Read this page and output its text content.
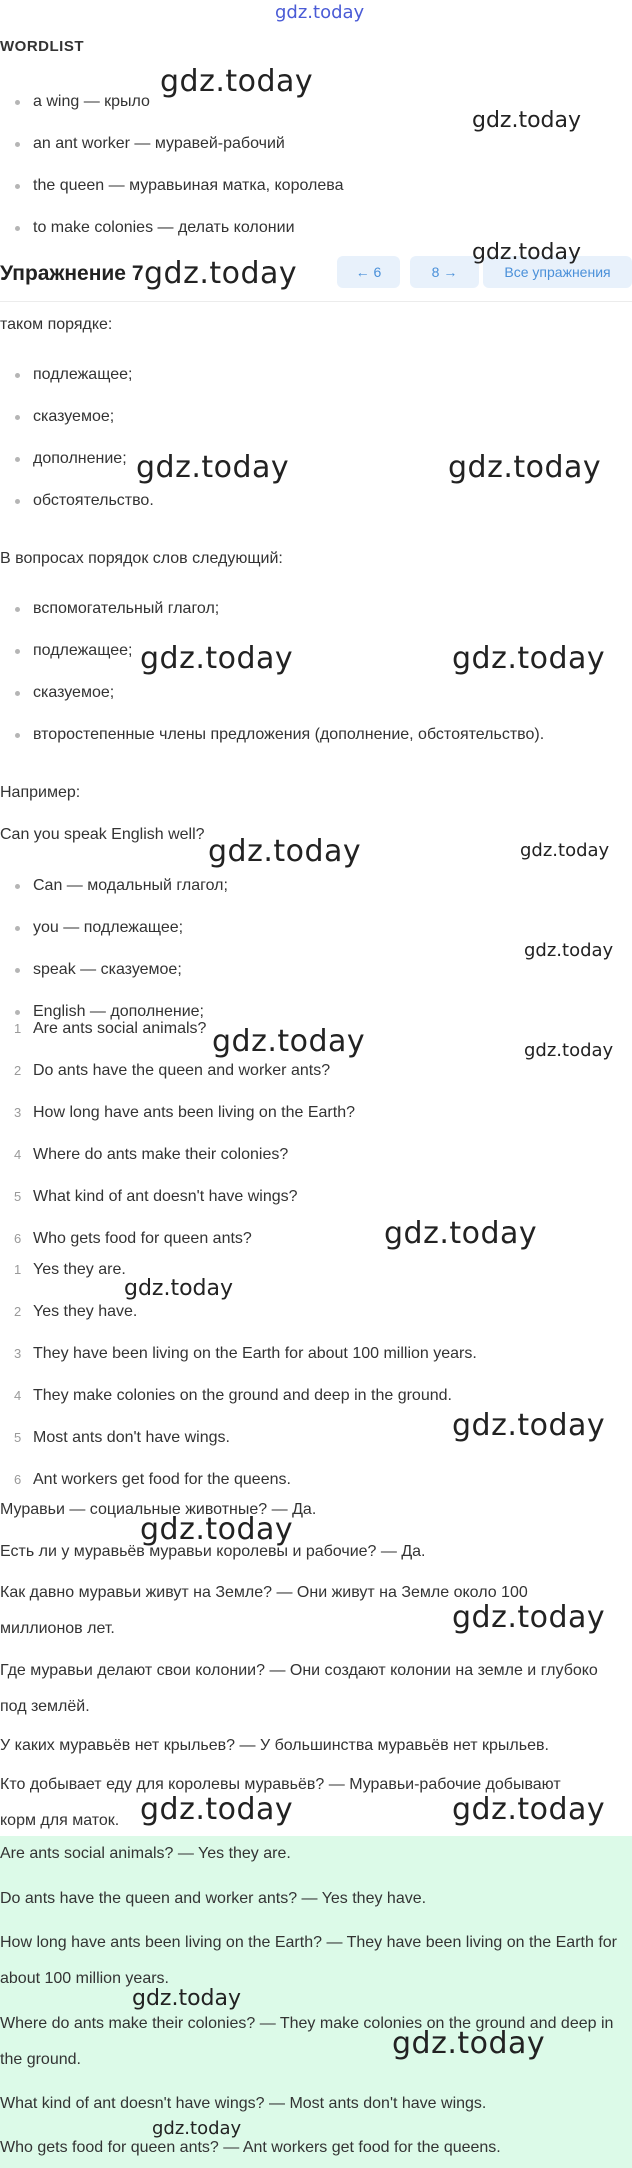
gdz.today
WORDLIST
a wing — крыло
an ant worker — муравей-рабочий
the queen — муравьиная матка, королева
to make colonies — делать колонии
Упражнение 7	← 6	8 →	Все упражнения
таком порядке:
подлежащее;
сказуемое;
дополнение;
обстоятельство.
В вопросах порядок слов следующий:
вспомогательный глагол;
подлежащее;
сказуемое;
второстепенные члены предложения (дополнение, обстоятельство).
Например:
Can you speak English well?
Can — модальный глагол;
you — подлежащее;
speak — сказуемое;
English — дополнение;
1 Are ants social animals?
2 Do ants have the queen and worker ants?
3 How long have ants been living on the Earth?
4 Where do ants make their colonies?
5 What kind of ant doesn't have wings?
6 Who gets food for queen ants?
1 Yes they are.
2 Yes they have.
3 They have been living on the Earth for about 100 million years.
4 They make colonies on the ground and deep in the ground.
5 Most ants don't have wings.
6 Ant workers get food for the queens.
Муравьи — социальные животные? — Да.
Есть ли у муравьёв муравьи королевы и рабочие? — Да.
Как давно муравьи живут на Земле? — Они живут на Земле около 100 миллионов лет.
Где муравьи делают свои колонии? — Они создают колонии на земле и глубоко под землёй.
У каких муравьёв нет крыльев? — У большинства муравьёв нет крыльев.
Кто добывает еду для королевы муравьёв? — Муравьи-рабочие добывают корм для маток.
Are ants social animals? — Yes they are.
Do ants have the queen and worker ants? — Yes they have.
How long have ants been living on the Earth? — They have been living on the Earth for about 100 million years.
Where do ants make their colonies? — They make colonies on the ground and deep in the ground.
What kind of ant doesn't have wings? — Most ants don't have wings.
Who gets food for queen ants? — Ant workers get food for the queens.
gdz.today
gdz.today
gdz.today
gdz.today
gdz.today	gdz.today
gdz.today	gdz.today
gdz.today	gdz.today
gdz.today
gdz.today	gdz.today
gdz.today
gdz.today
gdz.today
gdz.today
gdz.today
gdz.today	gdz.today
gdz.today
gdz.today
gdz.today
